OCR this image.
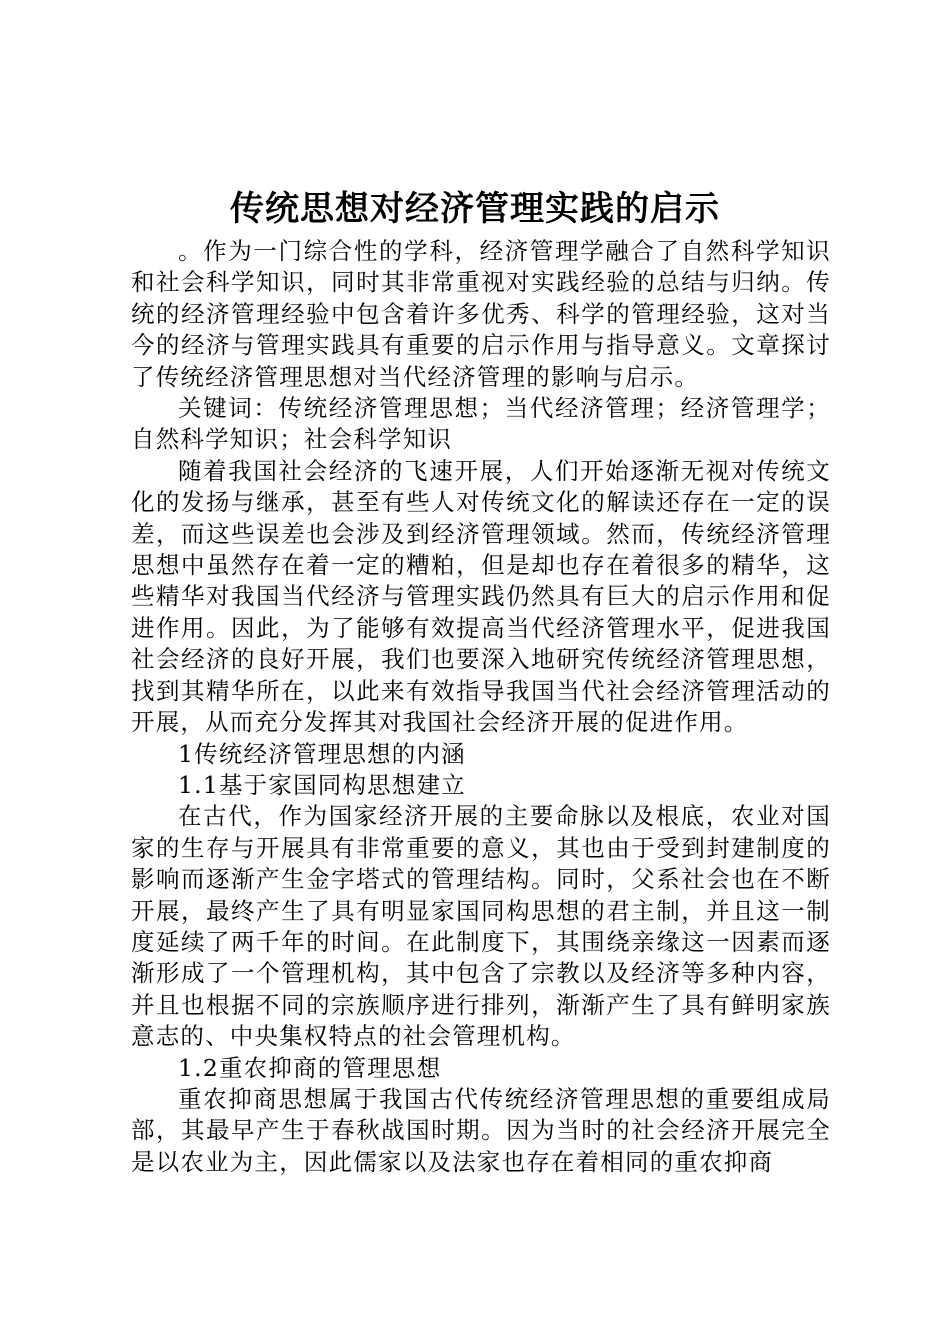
传统思想对经济管理实践的启示

。作为一门综合性的学科，经济管理学融合了自然科学知识和社会科学知识，同时其非常重视对实践经验的总结与归纳。传统的经济管理经验中包含着许多优秀、科学的管理经验，这对当今的经济与管理实践具有重要的启示作用与指导意义。文章探讨了传统经济管理思想对当代经济管理的影响与启示。

关键词：传统经济管理思想；当代经济管理；经济管理学；自然科学知识；社会科学知识

随着我国社会经济的飞速开展，人们开始逐渐无视对传统文化的发扬与继承，甚至有些人对传统文化的解读还存在一定的误差，而这些误差也会涉及到经济管理领域。然而，传统经济管理思想中虽然存在着一定的糟粕，但是却也存在着很多的精华，这些精华对我国当代经济与管理实践仍然具有巨大的启示作用和促进作用。因此，为了能够有效提高当代经济管理水平，促进我国社会经济的良好开展，我们也要深入地研究传统经济管理思想，找到其精华所在，以此来有效指导我国当代社会经济管理活动的开展，从而充分发挥其对我国社会经济开展的促进作用。

1传统经济管理思想的内涵

1.1基于家国同构思想建立

在古代，作为国家经济开展的主要命脉以及根底，农业对国家的生存与开展具有非常重要的意义，其也由于受到封建制度的影响而逐渐产生金字塔式的管理结构。同时，父系社会也在不断开展，最终产生了具有明显家国同构思想的君主制，并且这一制度延续了两千年的时间。在此制度下，其围绕亲缘这一因素而逐渐形成了一个管理机构，其中包含了宗教以及经济等多种内容，并且也根据不同的宗族顺序进行排列，渐渐产生了具有鲜明家族意志的、中央集权特点的社会管理机构。

1.2重农抑商的管理思想

重农抑商思想属于我国古代传统经济管理思想的重要组成局部，其最早产生于春秋战国时期。因为当时的社会经济开展完全是以农业为主，因此儒家以及法家也存在着相同的重农抑商
